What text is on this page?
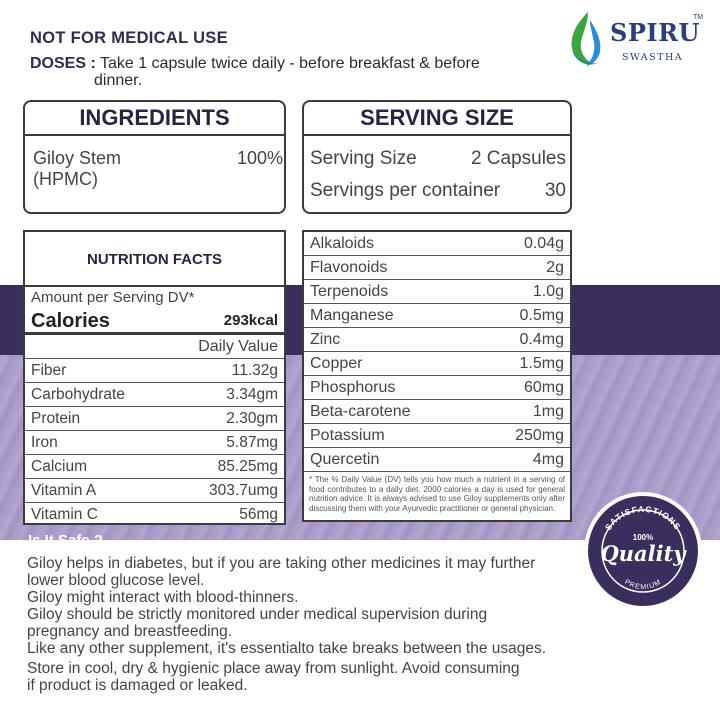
NOT FOR MEDICAL USE
DOSES : Take 1 capsule twice daily - before breakfast & before
dinner.
SPIRU
TM
SWASTHA
INGREDIENTS
Giloy Stem
(HPMC)
100%
SERVING SIZE
Serving Size	2 Capsules
Servings per container 30
NUTRITION FACTS
Amount per Serving DV*
Calories	293kcal
Daily Value
Fiber	11.32g
Carbohydrate	3.34gm
Protein	2.30gm
Iron	5.87mg
Calcium	85.25mg
Vitamin A	303.7umg
Vitamin C	56mg
Alkaloids	0.04g
Flavonoids	2g
Terpenoids	1.0g
Manganese	0.5mg
Zinc	0.4mg
Copper	1.5mg
Phosphorus	60mg
Beta-carotene	1mg
Potassium	250mg
Quercetin	4mg
* The % Daily Value (DV) tells you how much a nutrient in a serving of food contributes to a daily diet. 2000 calories a day is used for general nutrition advice. It is always advised to use Giloy supplements only after discussing them with your Ayurvedic practitioner or general physician.
SATISFACTIONS
100%
Quality
PREMIUM
Is It Safe.?

Giloy helps in diabetes, but if you are taking other medicines it may further

lower blood glucose level.

Giloy might interact with blood-thinners.

Giloy should be strictly monitored under medical supervision during

pregnancy and breastfeeding.

Like any other supplement, it's essentialto take breaks between the usages.

Store in cool, dry & hygienic place away from sunlight. Avoid consuming
if product is damaged or leaked.
